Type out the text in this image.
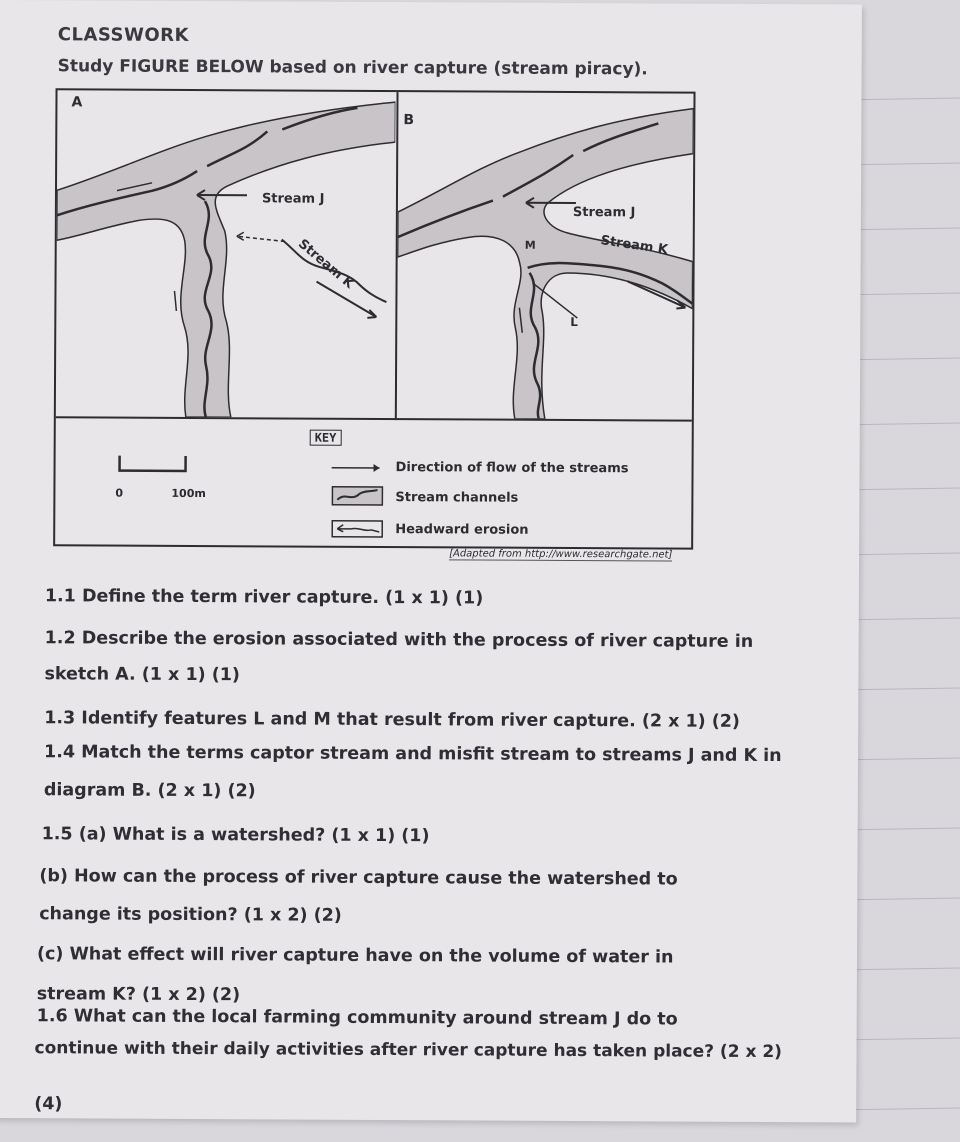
CLASSWORK
Study FIGURE BELOW based on river capture (stream piracy).
A
Stream J
Stream K
B
Stream J
Stream K
M
L
KEY
0	100m
Direction of flow of the streams
Stream channels
Headward erosion
[Adapted from http://www.researchgate.net]
1.1 Define the term river capture. (1 x 1) (1)
1.2 Describe the erosion associated with the process of river capture in
sketch A. (1 x 1) (1)
1.3 Identify features L and M that result from river capture. (2 x 1) (2)
1.4 Match the terms captor stream and misfit stream to streams J and K in
diagram B. (2 x 1) (2)
1.5 (a) What is a watershed? (1 x 1) (1)
(b) How can the process of river capture cause the watershed to
change its position? (1 x 2) (2)
(c) What effect will river capture have on the volume of water in
stream K? (1 x 2) (2)
1.6 What can the local farming community around stream J do to
continue with their daily activities after river capture has taken place? (2 x 2)
(4)
